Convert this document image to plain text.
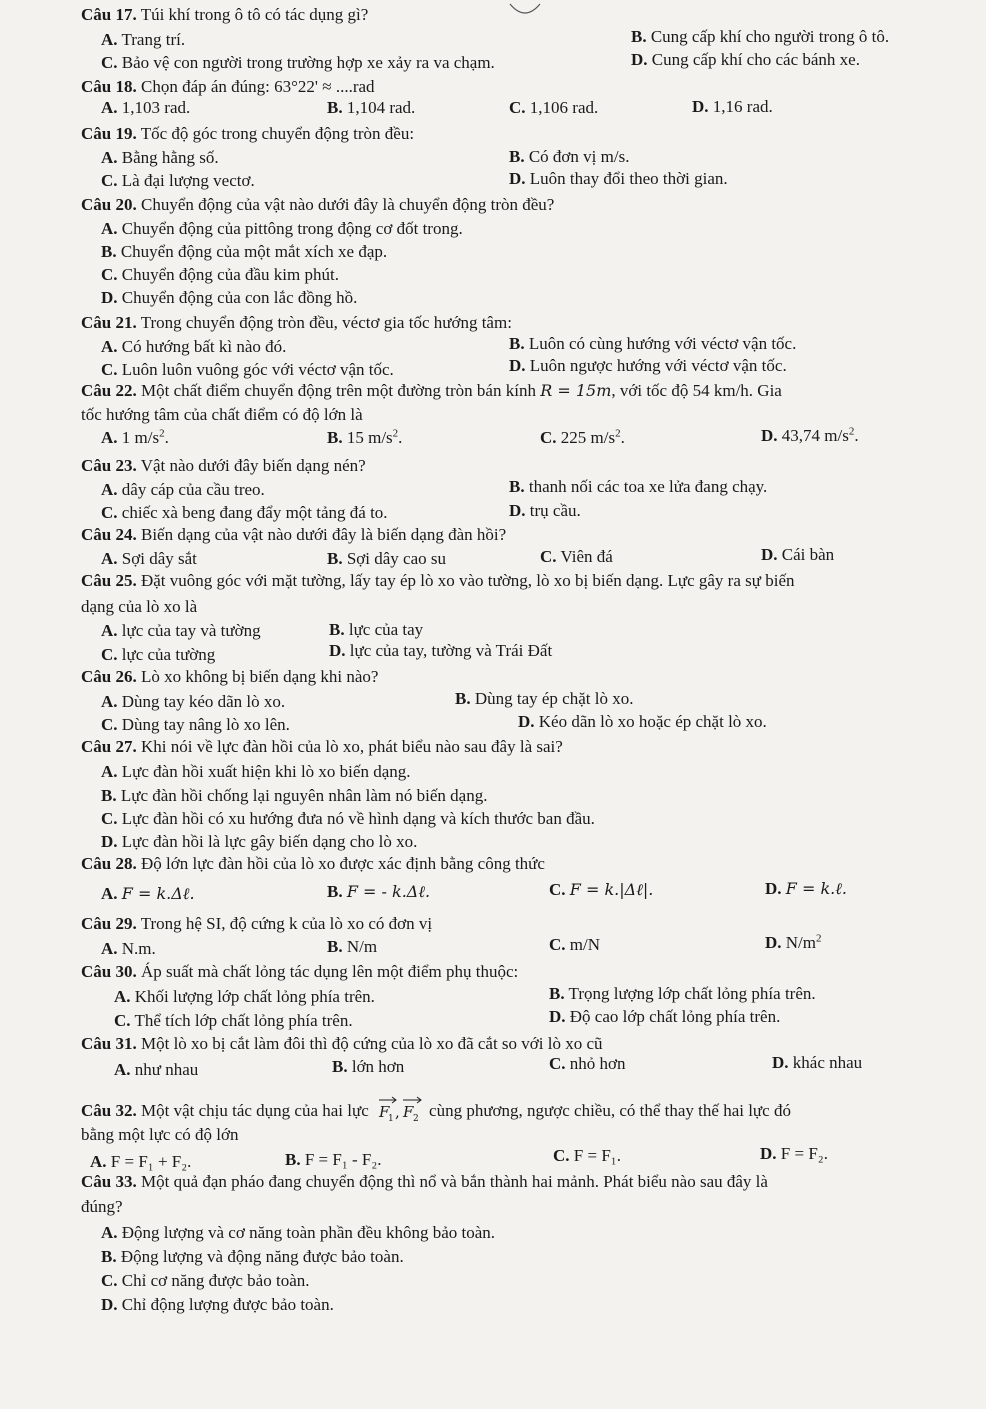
Câu 17. Túi khí trong ô tô có tác dụng gì?
A. Trang trí.	B. Cung cấp khí cho người trong ô tô.
C. Bảo vệ con người trong trường hợp xe xảy ra va chạm.	D. Cung cấp khí cho các bánh xe.
Câu 18. Chọn đáp án đúng: 63°22' ≈ ....rad
A. 1,103 rad.	B. 1,104 rad.	C. 1,106 rad.	D. 1,16 rad.
Câu 19. Tốc độ góc trong chuyển động tròn đều:
A. Bằng hằng số.	B. Có đơn vị m/s.
C. Là đại lượng vectơ.	D. Luôn thay đổi theo thời gian.
Câu 20. Chuyển động của vật nào dưới đây là chuyển động tròn đều?
A. Chuyển động của pittông trong động cơ đốt trong.
B. Chuyển động của một mắt xích xe đạp.
C. Chuyển động của đầu kim phút.
D. Chuyển động của con lắc đồng hồ.
Câu 21. Trong chuyển động tròn đều, véctơ gia tốc hướng tâm:
A. Có hướng bất kì nào đó.	B. Luôn có cùng hướng với véctơ vận tốc.
C. Luôn luôn vuông góc với véctơ vận tốc.	D. Luôn ngược hướng với véctơ vận tốc.
Câu 22. Một chất điểm chuyển động trên một đường tròn bán kính R = 15m, với tốc độ 54 km/h. Gia
tốc hướng tâm của chất điểm có độ lớn là
A. 1 $m/s^2$.	B. 15 $m/s^2$.	C. 225 $m/s^2$.	D. 43,74 $m/s^2$.
Câu 23. Vật nào dưới đây biến dạng nén?
A. dây cáp của cầu treo.	B. thanh nối các toa xe lửa đang chạy.
C. chiếc xà beng đang đẩy một tảng đá to.	D. trụ cầu.
Câu 24. Biến dạng của vật nào dưới đây là biến dạng đàn hồi?
A. Sợi dây sắt	B. Sợi dây cao su	C. Viên đá	D. Cái bàn
Câu 25. Đặt vuông góc với mặt tường, lấy tay ép lò xo vào tường, lò xo bị biến dạng. Lực gây ra sự biến
dạng của lò xo là
A. lực của tay và tường	B. lực của tay
C. lực của tường	D. lực của tay, tường và Trái Đất
Câu 26. Lò xo không bị biến dạng khi nào?
A. Dùng tay kéo dãn lò xo.	B. Dùng tay ép chặt lò xo.
C. Dùng tay nâng lò xo lên.	D. Kéo dãn lò xo hoặc ép chặt lò xo.
Câu 27. Khi nói về lực đàn hồi của lò xo, phát biểu nào sau đây là sai?
A. Lực đàn hồi xuất hiện khi lò xo biến dạng.
B. Lực đàn hồi chống lại nguyên nhân làm nó biến dạng.
C. Lực đàn hồi có xu hướng đưa nó về hình dạng và kích thước ban đầu.
D. Lực đàn hồi là lực gây biến dạng cho lò xo.
Câu 28. Độ lớn lực đàn hồi của lò xo được xác định bằng công thức
A. F = k.Δℓ.	B. F = - k.Δℓ.	C. F = k.|Δℓ|.	D. F = k.ℓ.
Câu 29. Trong hệ SI, độ cứng k của lò xo có đơn vị
A. N.m.	B. N/m	C. m/N	D. $N/m^2$
Câu 30. Áp suất mà chất lỏng tác dụng lên một điểm phụ thuộc:
A. Khối lượng lớp chất lỏng phía trên.	B. Trọng lượng lớp chất lỏng phía trên.
C. Thể tích lớp chất lỏng phía trên.	D. Độ cao lớp chất lỏng phía trên.
Câu 31. Một lò xo bị cắt làm đôi thì độ cứng của lò xo đã cắt so với lò xo cũ
A. như nhau	B. lớn hơn	C. nhỏ hơn	D. khác nhau
Câu 32. Một vật chịu tác dụng của hai lực F
1 , F 2 cùng phương, ngược chiều, có thể thay thế hai lực đó
bằng một lực có độ lớn
A. F = F₁ + F₂.	B. F = F₁ - F₂.	C. F = F₁.	D. F = F₂.
Câu 33. Một quả đạn pháo đang chuyển động thì nổ và bắn thành hai mảnh. Phát biểu nào sau đây là
đúng?
A. Động lượng và cơ năng toàn phần đều không bảo toàn.
B. Động lượng và động năng được bảo toàn.
C. Chỉ cơ năng được bảo toàn.
D. Chỉ động lượng được bảo toàn.
